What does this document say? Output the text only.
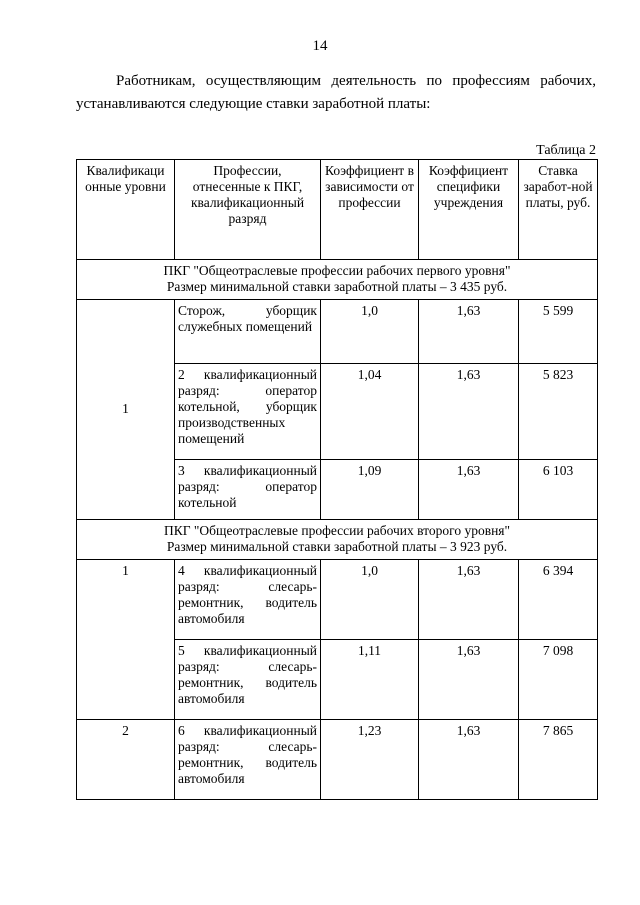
14

Работникам, осуществляющим деятельность по профессиям рабочих, устанавливаются следующие ставки заработной платы:

Таблица 2
Квалификаци онные уровни	Профессии, отнесенные к ПКГ, квалификационный разряд	Коэффициент в зависимости от профессии	Коэффициент специфики учреждения	Ставка заработ-ной платы, руб.

ПКГ "Общеотраслевые профессии рабочих первого уровня"
Размер минимальной ставки заработной платы – 3 435 руб.				

1	Сторож, уборщик служебных помещений	1,0	1,63	5 599
	2 квалификационный разряд: оператор котельной, уборщик производственных помещений	1,04	1,63	5 823
	3 квалификационный разряд: оператор котельной	1,09	1,63	6 103

ПКГ "Общеотраслевые профессии рабочих второго уровня"
Размер минимальной ставки заработной платы – 3 923 руб.				

1	4 квалификационный разряд: слесарь-ремонтник, водитель автомобиля	1,0	1,63	6 394
	5 квалификационный разряд: слесарь-ремонтник, водитель автомобиля	1,11	1,63	7 098
2	6 квалификационный разряд: слесарь-ремонтник, водитель автомобиля	1,23	1,63	7 865
